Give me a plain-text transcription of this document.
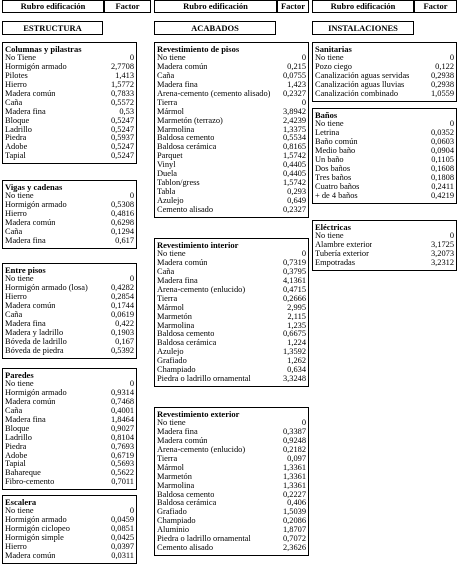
Rubro edificación	Factor	Rubro edificación	Factor	Rubro edificación	Factor
ESTRUCTURA	ACABADOS	INSTALACIONES
Columnas y pilastras
No Tiene	0
Hormigón armado	2,7708
Pilotes	1,413
Hierro	1,5772
Madera común	0,7833
Caña	0,5572
Madera fina	0,53
Bloque	0,5247
Ladrillo	0,5247
Piedra	0,5937
Adobe	0,5247
Tapial	0,5247
Vigas y cadenas
No tiene	0
Hormigón armado	0,5308
Hierro	0,4816
Madera común	0,6298
Caña	0,1294
Madera fina	0,617
Entre pisos
No tiene	0
Hormigón armado (losa)	0,4282
Hierro	0,2854
Madera común	0,1744
Caña	0,0619
Madera fina	0,422
Madera y ladrillo	0,1903
Bóveda de ladrillo	0,167
Bóveda de piedra	0,5392
Paredes
No tiene	0
Hormigón armado	0,9314
Madera común	0,7468
Caña	0,4001
Madera fina	1,8464
Bloque	0,9027
Ladrillo	0,8104
Piedra	0,7693
Adobe	0,6719
Tapial	0,5693
Bahareque	0,5622
Fibro-cemento	0,7011
Escalera
No tiene	0
Hormigón armado	0,0459
Hormigón ciclopeo	0,0851
Hormigón simple	0,0425
Hierro	0,0397
Madera común	0,0311
Revestimiento de pisos
No tiene	0
Madera común	0,215
Caña	0,0755
Madera fina	1,423
Arena-cemento (cemento alisado) 0,2327
Tierra	0
Mármol	3,8942
Marmetón (terrazo)	2,4239
Marmolina	1,3375
Baldosa cemento	0,5534
Baldosa cerámica	0,8165
Parquet	1,5742
Vinyl	0,4405
Duela	0,4405
Tablon/gress	1,5742
Tabla	0,293
Azulejo	0,649
Cemento alisado	0,2327
Revestimiento interior
No tiene	0
Madera común	0,7319
Caña	0,3795
Madera fina	4,1361
Arena-cemento (enlucido)	0,4715
Tierra	0,2666
Mármol	2,995
Marmetón	2,115
Marmolina	1,235
Baldosa cemento	0,6675
Baldosa cerámica	1,224
Azulejo	1,3592
Grafiado	1,262
Champiado	0,634
Piedra o ladrillo ornamental	3,3248
Revestimiento exterior
No tiene	0
Madera fina	0,3387
Madera común	0,9248
Arena-cemento (enlucido)	0,2182
Tierra	0,097
Mármol	1,3361
Marmetón	1,3361
Marmolina	1,3361
Baldosa cemento	0,2227
Baldosa cerámica	0,406
Grafiado	1,5039
Champiado	0,2086
Aluminio	1,8707
Piedra o ladrillo ornamental	0,7072
Cemento alisado	2,3626
Sanitarias
No tiene	0
Pozo ciego	0,122
Canalización aguas servidas	0,2938
Canalización aguas lluvias	0,2938
Canalización combinado	1,0559
Baños
No tiene	0
Letrina	0,0352
Baño común	0,0603
Medio baño	0,0904
Un baño	0,1105
Dos baños	0,1608
Tres baños	0,1808
Cuatro baños	0,2411
+ de 4 baños	0,4219
Eléctricas
No tiene	0
Alambre exterior	3,1725
Tubería exterior	3,2073
Empotradas	3,2312
